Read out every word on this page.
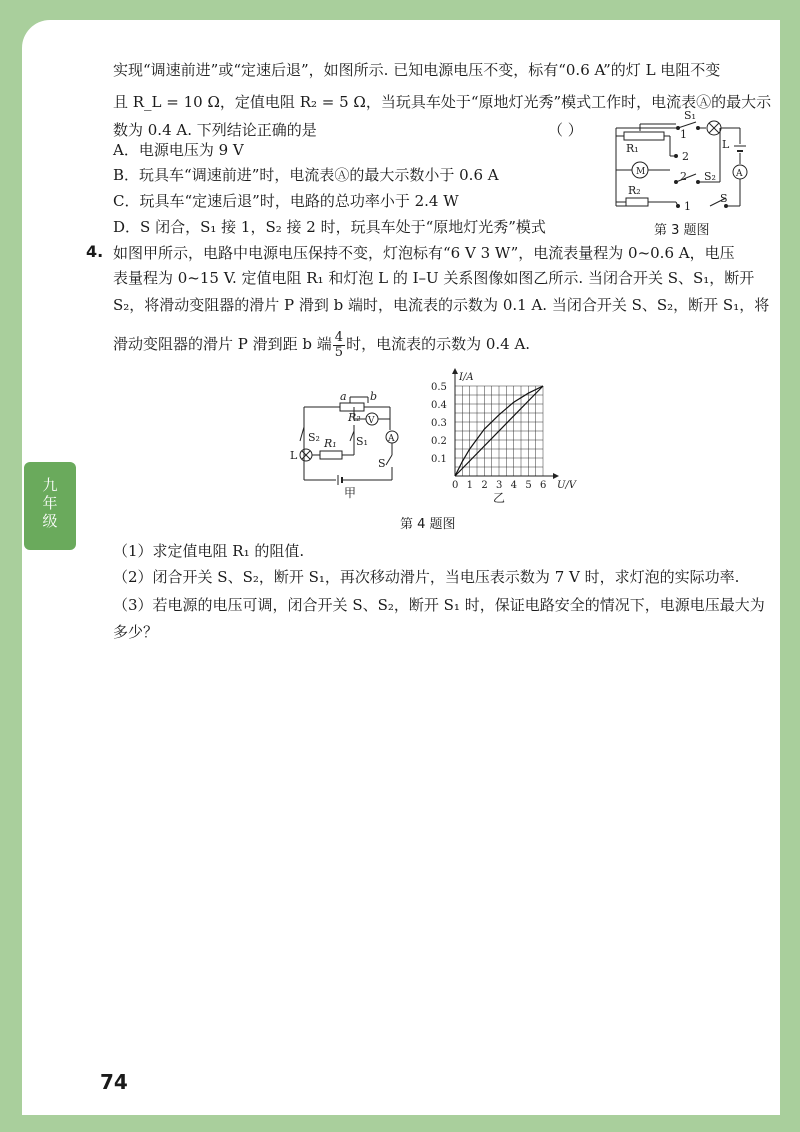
九
年
级
实现“调速前进”或“定速后退”，如图所示. 已知电源电压不变，标有“0.6 A”的灯 L 电阻不变
且 R_L = 10 Ω，定值电阻 R₂ = 5 Ω，当玩具车处于“原地灯光秀”模式工作时，电流表Ⓐ的最大示
数为 0.4 A. 下列结论正确的是	（ ）
A．电源电压为 9 V
B．玩具车“调速前进”时，电流表Ⓐ的最大示数小于 0.6 A
C．玩具车“定速后退”时，电路的总功率小于 2.4 W
D．S 闭合，S₁ 接 1，S₂ 接 2 时，玩具车处于“原地灯光秀”模式
S₁
L
R₁
M
R₂
S₂
S
A
1
2
2
1
第 3 题图
4. 如图甲所示，电路中电源电压保持不变，灯泡标有“6 V 3 W”，电流表量程为 0~0.6 A，电压
表量程为 0~15 V. 定值电阻 R₁ 和灯泡 L 的 I–U 关系图像如图乙所示. 当闭合开关 S、S₁，断开
S₂，将滑动变阻器的滑片 P 滑到 b 端时，电流表的示数为 0.1 A. 当闭合开关 S、S₂，断开 S₁，将
滑动变阻器的滑片 P 滑到距 b 端 $\frac{4}{5}$ 时，电流表的示数为 0.4 A.
a b
R₂ V
A
S₂	S₁
L
R₁
S
甲
0 1 2 3 4 5 6
0.1
0.2
0.3
0.4
0.5
U/V
I/A
乙
第 4 题图
（1）求定值电阻 R₁ 的阻值.
（2）闭合开关 S、S₂，断开 S₁，再次移动滑片，当电压表示数为 7 V 时，求灯泡的实际功率.
（3）若电源的电压可调，闭合开关 S、S₂，断开 S₁ 时，保证电路安全的情况下，电源电压最大为
多少？
74
